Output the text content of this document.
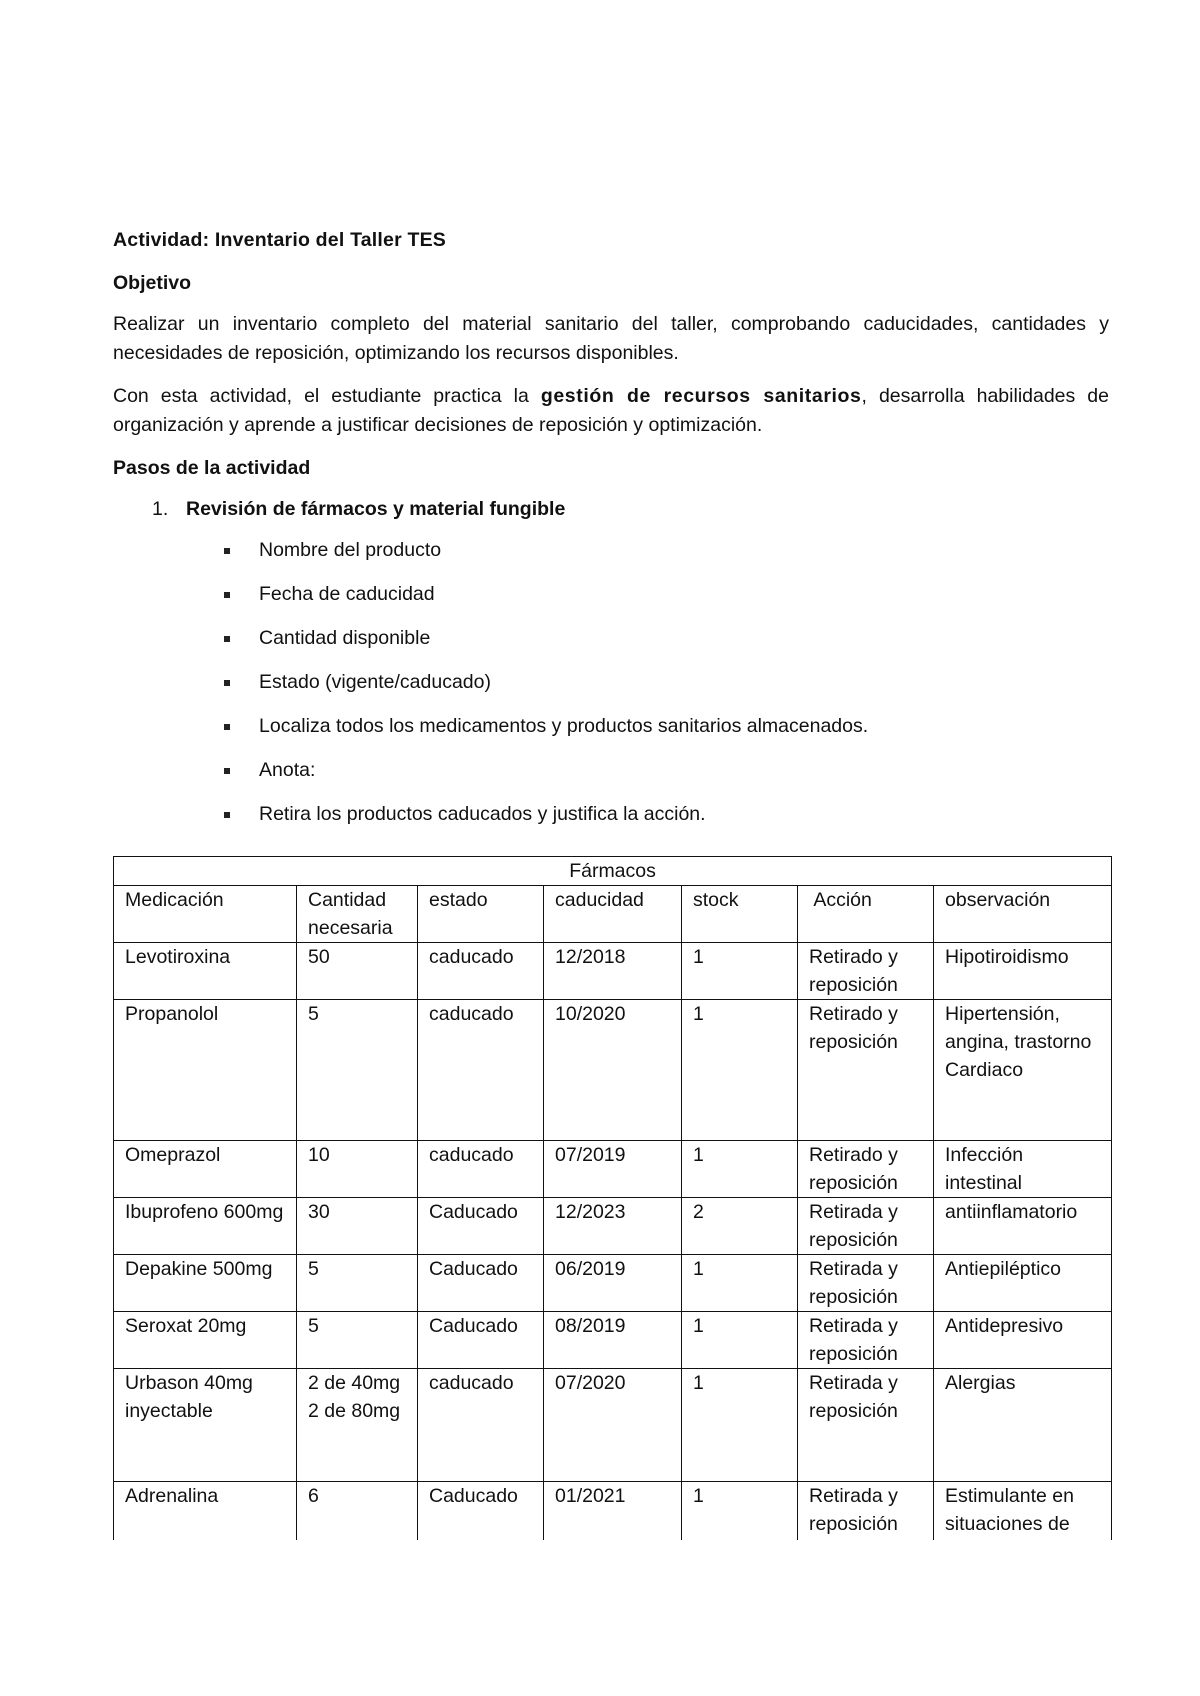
Actividad: Inventario del Taller TES
Objetivo

Realizar un inventario completo del material sanitario del taller, comprobando caducidades, cantidades y necesidades de reposición, optimizando los recursos disponibles.

Con esta actividad, el estudiante practica la gestión de recursos sanitarios, desarrolla habilidades de organización y aprende a justificar decisiones de reposición y optimización.

Pasos de la actividad
1. Revisión de fármacos y material fungible
Nombre del producto
Fecha de caducidad
Cantidad disponible
Estado (vigente/caducado)
Localiza todos los medicamentos y productos sanitarios almacenados.
Anota:
Retira los productos caducados y justifica la acción.
Fármacos						
Medicación	Cantidad necesaria	estado	caducidad	stock	Acción	observación
Levotiroxina	50	caducado	12/2018	1	Retirado y reposición	Hipotiroidismo
Propanolol	5	caducado	10/2020	1	Retirado y reposición	Hipertensión, angina, trastorno Cardiaco
Omeprazol	10	caducado	07/2019	1	Retirado y reposición	Infección intestinal
Ibuprofeno 600mg	30	Caducado	12/2023	2	Retirada y reposición	antiinflamatorio
Depakine 500mg	5	Caducado	06/2019	1	Retirada y reposición	Antiepiléptico
Seroxat 20mg	5	Caducado	08/2019	1	Retirada y reposición	Antidepresivo
Urbason 40mg inyectable	2 de 40mg 2 de 80mg	caducado	07/2020	1	Retirada y reposición	Alergias
Adrenalina	6	Caducado	01/2021	1	Retirada y reposición	Estimulante en situaciones de
